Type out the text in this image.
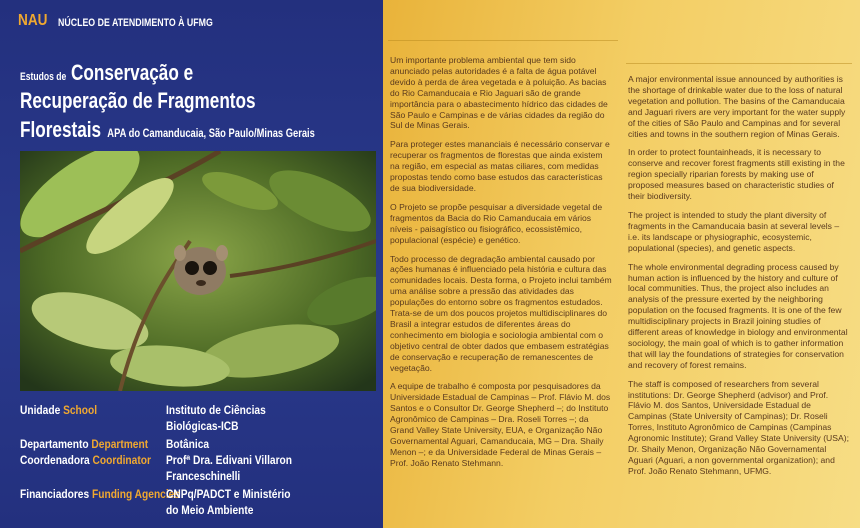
NAU NÚCLEO DE ATENDIMENTO À UFMG
Estudos de Conservação e
Recuperação de Fragmentos
Florestais APA do Camanducaia, São Paulo/Minas Gerais
Unidade School	Instituto de Ciências
Biológicas-ICB
Departamento Department Botânica
Coordenadora Coordinator Profª Dra. Edivani Villaron
Franceschinelli
Financiadores Funding Agencies
CNPq/PADCT e Ministério
do Meio Ambiente

Um importante problema ambiental que tem sido anunciado pelas autoridades é a falta de água potável devido à perda de área vegetada e à poluição. As bacias do Rio Camanducaia e Rio Jaguari são de grande importância para o abastecimento hídrico das cidades de São Paulo e Campinas e de várias cidades da região do Sul de Minas Gerais.

Para proteger estes mananciais é necessário conservar e recuperar os fragmentos de florestas que ainda existem na região, em especial as matas ciliares, com medidas propostas tendo como base estudos das características de sua biodiversidade.

O Projeto se propõe pesquisar a diversidade vegetal de fragmentos da Bacia do Rio Camanducaia em vários níveis - paisagístico ou fisiográfico, ecossistêmico, populacional (espécie) e genético.

Todo processo de degradação ambiental causado por ações humanas é influenciado pela história e cultura das comunidades locais. Desta forma, o Projeto inclui também uma análise sobre a pressão das atividades das populações do entorno sobre os fragmentos estudados. Trata-se de um dos poucos projetos multidisciplinares do Brasil a integrar estudos de diferentes áreas do conhecimento em biologia e sociologia ambiental com o objetivo central de obter dados que embasem estratégias de conservação e recuperação de remanescentes de vegetação.

A equipe de trabalho é composta por pesquisadores da Universidade Estadual de Campinas – Prof. Flávio M. dos Santos e o Consultor Dr. George Shepherd –; do Instituto Agronômico de Campinas – Dra. Roseli Torres –; da Grand Valley State University, EUA, e Organização Não Governamental Aguari, Camanducaia, MG – Dra. Shaily Menon –; e da Universidade Federal de Minas Gerais – Prof. João Renato Stehmann.

A major environmental issue announced by authorities is the shortage of drinkable water due to the loss of natural vegetation and pollution. The basins of the Camanducaia and Jaguari rivers are very important for the water supply of the cities of São Paulo and Campinas and for several cities and towns in the southern region of Minas Gerais.

In order to protect fountainheads, it is necessary to conserve and recover forest fragments still existing in the region specially riparian forests by making use of proposed measures based on characteristic studies of their biodiversity.

The project is intended to study the plant diversity of fragments in the Camanducaia basin at several levels – i.e. its landscape or physiographic, ecosystemic, populational (species), and genetic aspects.

The whole environmental degrading process caused by human action is influenced by the history and culture of local communities. Thus, the project also includes an analysis of the pressure exerted by the neighboring population on the focused fragments. It is one of the few multidisciplinary projects in Brazil joining studies of different areas of knowledge in biology and environmental sociology, the main goal of which is to gather information that will lay the foundations of strategies for conservation and recovery of forest remains.

The staff is composed of researchers from several institutions: Dr. George Shepherd (advisor) and Prof. Flávio M. dos Santos, Universidade Estadual de Campinas (State University of Campinas); Dr. Roseli Torres, Instituto Agronômico de Campinas (Campinas Agronomic Institute); Grand Valley State University (USA); Dr. Shaily Menon, Organização Não Governamental Aguari (Aguari, a non governmental organization); and Prof. João Renato Stehmann, UFMG.
